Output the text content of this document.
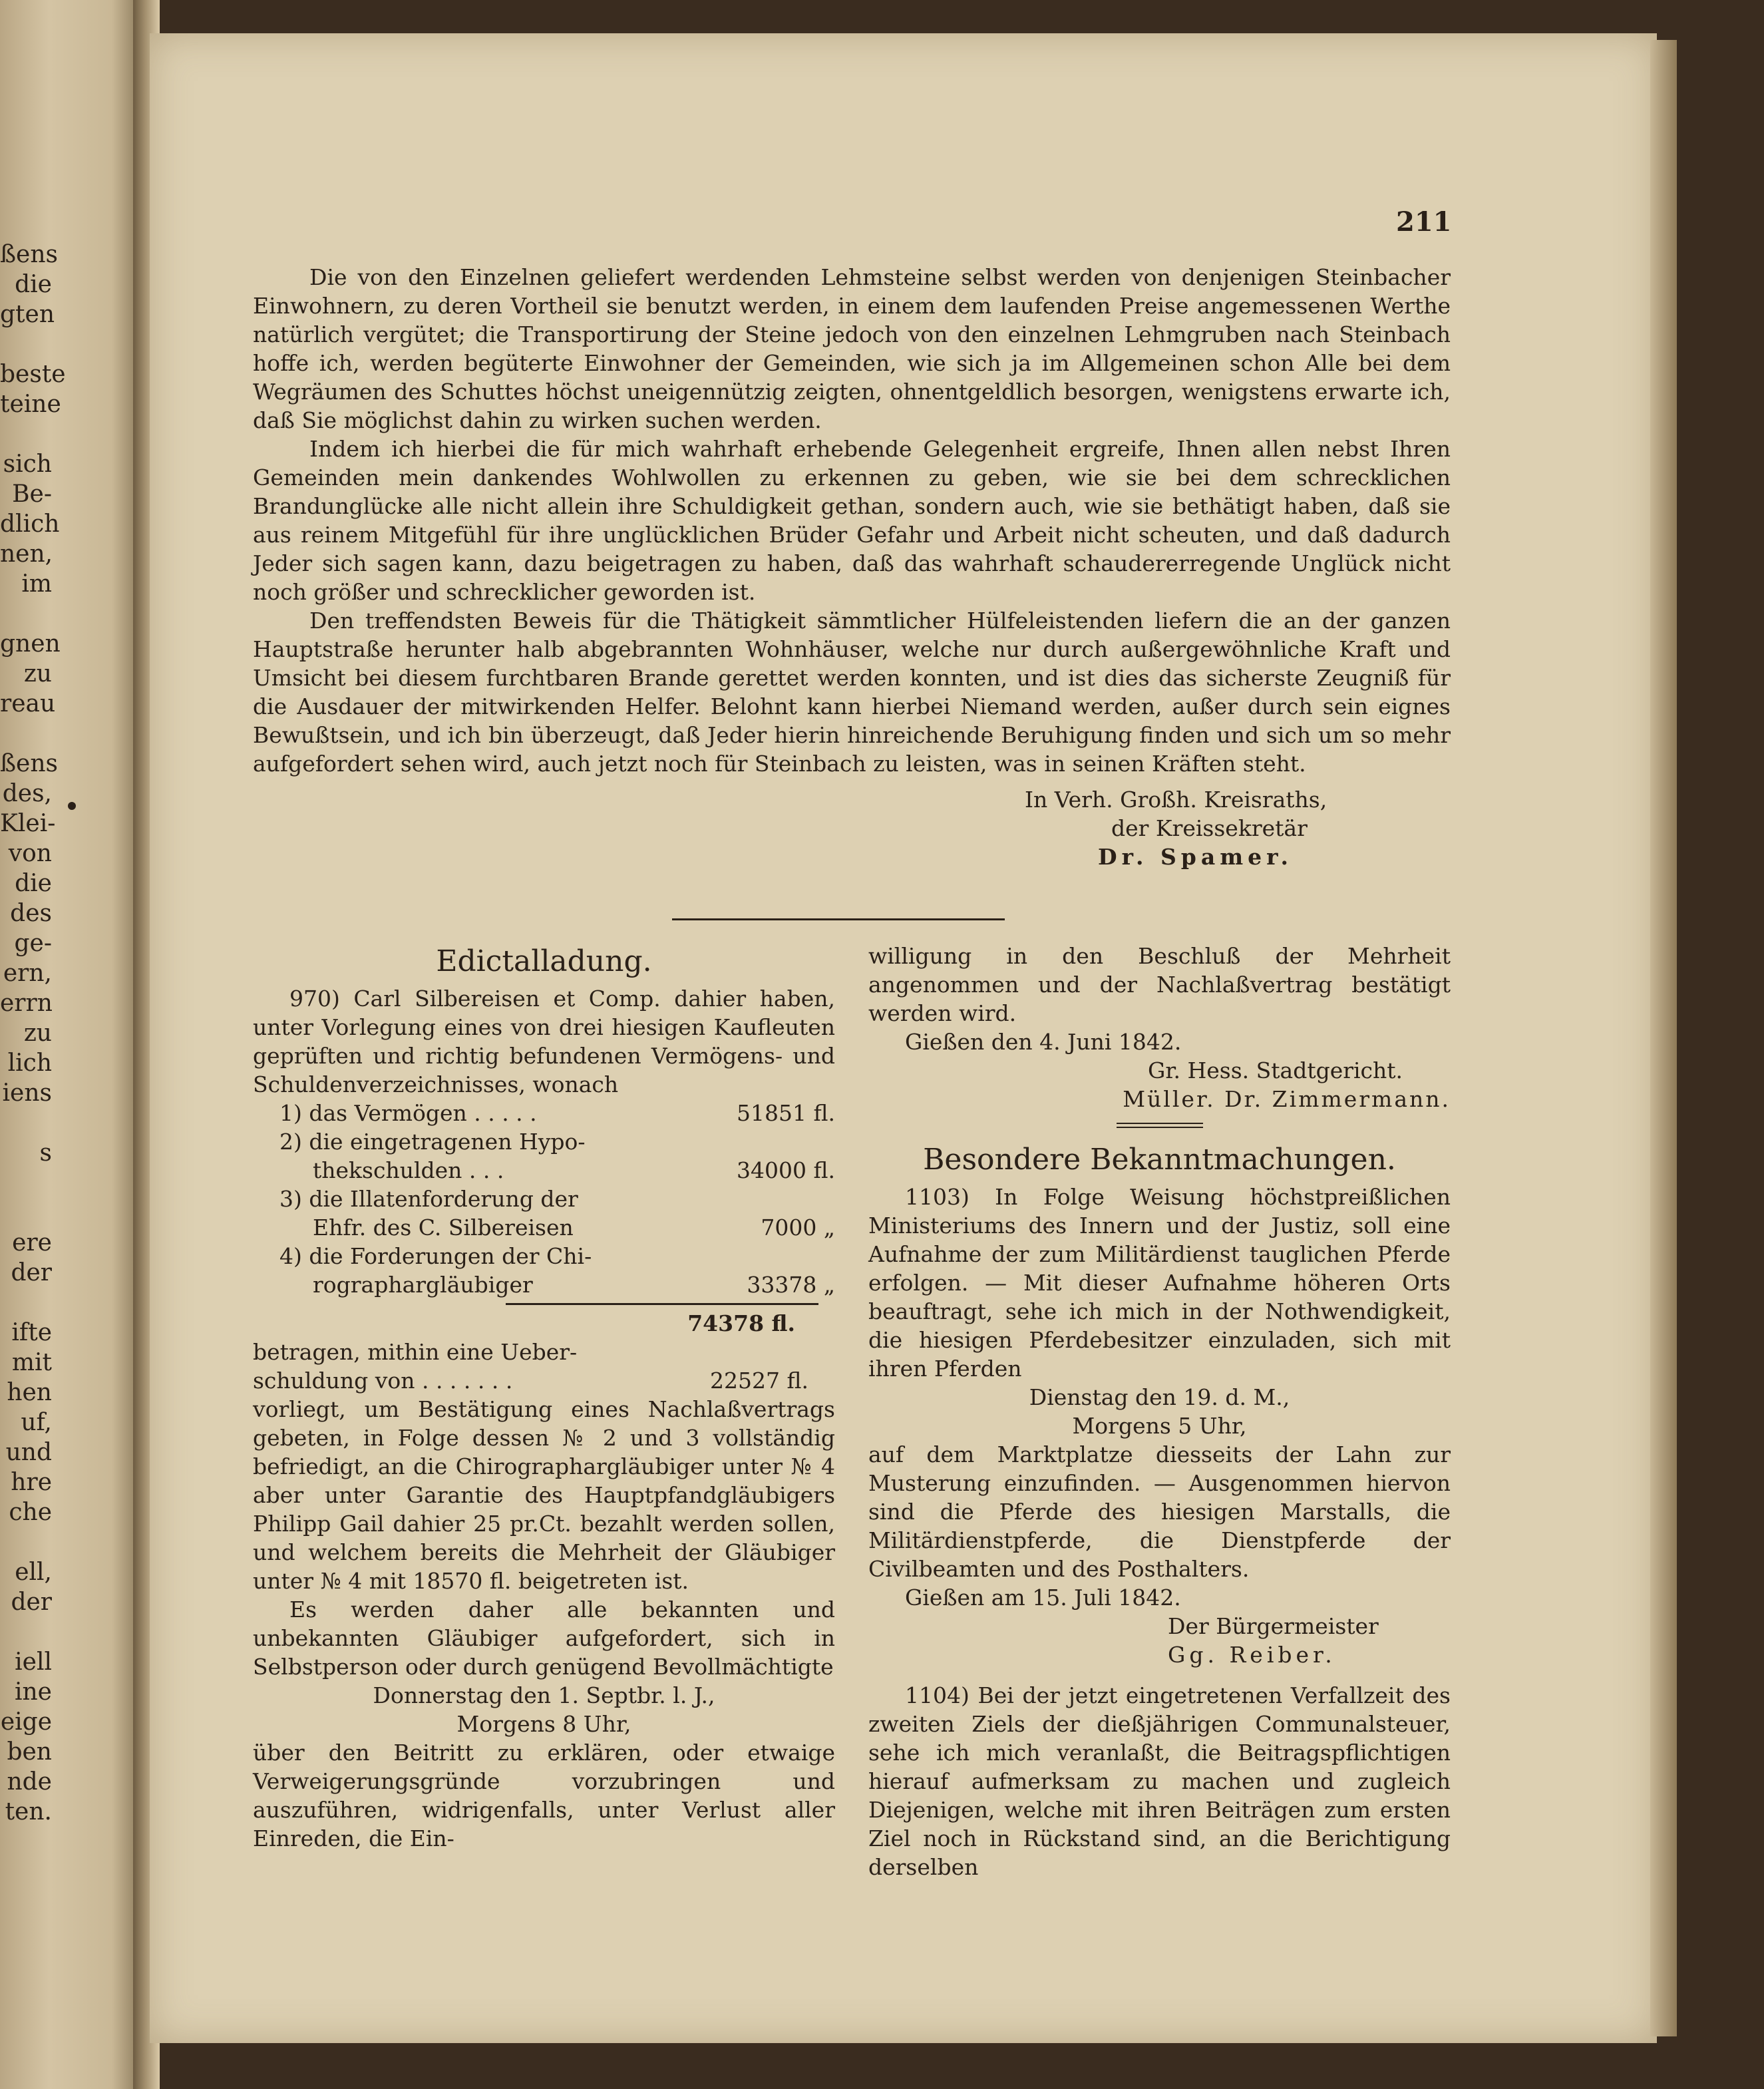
ßens
die
gten

beste
teine

sich
Be-
dlich
nen,
im

gnen
zu
reau

ßens
des,
Klei-
von
die
des
ge-
ern,
errn
zu
lich
iens

s

ere
der

ifte
mit
hen
uf,
und
hre
che

ell,
der

iell
ine
eige
ben
nde
ten.
211

Die von den Einzelnen geliefert werdenden Lehmsteine selbst werden von denjenigen Steinbacher Einwohnern, zu deren Vortheil sie benutzt werden, in einem dem laufenden Preise angemessenen Werthe natürlich vergütet; die Transportirung der Steine jedoch von den einzelnen Lehmgruben nach Steinbach hoffe ich, werden begüterte Einwohner der Gemeinden, wie sich ja im Allgemeinen schon Alle bei dem Wegräumen des Schuttes höchst uneigennützig zeigten, ohnentgeldlich besorgen, wenigstens erwarte ich, daß Sie möglichst dahin zu wirken suchen werden.

Indem ich hierbei die für mich wahrhaft erhebende Gelegenheit ergreife, Ihnen allen nebst Ihren Gemeinden mein dankendes Wohlwollen zu erkennen zu geben, wie sie bei dem schrecklichen Brandunglücke alle nicht allein ihre Schuldigkeit gethan, sondern auch, wie sie bethätigt haben, daß sie aus reinem Mitgefühl für ihre unglücklichen Brüder Gefahr und Arbeit nicht scheuten, und daß dadurch Jeder sich sagen kann, dazu beigetragen zu haben, daß das wahrhaft schaudererregende Unglück nicht noch größer und schrecklicher geworden ist.

Den treffendsten Beweis für die Thätigkeit sämmtlicher Hülfeleistenden liefern die an der ganzen Hauptstraße herunter halb abgebrannten Wohnhäuser, welche nur durch außergewöhnliche Kraft und Umsicht bei diesem furchtbaren Brande gerettet werden konnten, und ist dies das sicherste Zeugniß für die Ausdauer der mitwirkenden Helfer. Belohnt kann hierbei Niemand werden, außer durch sein eignes Bewußtsein, und ich bin überzeugt, daß Jeder hierin hinreichende Beruhigung finden und sich um so mehr aufgefordert sehen wird, auch jetzt noch für Steinbach zu leisten, was in seinen Kräften steht.

In Verh. Großh. Kreisraths,
der Kreissekretär
Dr. Spamer.
Edictalladung.

970) Carl Silbereisen et Comp. dahier haben, unter Vorlegung eines von drei hiesigen Kaufleuten geprüften und richtig befundenen Vermögens- und Schuldenverzeichnisses, wonach

1) das Vermögen . . . . .	51851 fl.
2) die eingetragenen Hypo-
thekschulden . . .	34000 fl.
3) die Illatenforderung der
Ehfr. des C. Silbereisen	7000 „
4) die Forderungen der Chi-
rographargläubiger	33378 „
74378 fl.

betragen, mithin eine Ueber-

schuldung von . . . . . . .	22527 fl.

vorliegt, um Bestätigung eines Nachlaßvertrags gebeten, in Folge dessen № 2 und 3 vollständig befriedigt, an die Chirographargläubiger unter № 4 aber unter Garantie des Hauptpfandgläubigers Philipp Gail dahier 25 pr.Ct. bezahlt werden sollen, und welchem bereits die Mehrheit der Gläubiger unter № 4 mit 18570 fl. beigetreten ist.

Es werden daher alle bekannten und unbekannten Gläubiger aufgefordert, sich in Selbstperson oder durch genügend Bevollmächtigte

Donnerstag den 1. Septbr. l. J.,

Morgens 8 Uhr,

über den Beitritt zu erklären, oder etwaige Verweigerungsgründe vorzubringen und auszuführen, widrigenfalls, unter Verlust aller Einreden, die Ein-

willigung in den Beschluß der Mehrheit angenommen und der Nachlaßvertrag bestätigt werden wird.

Gießen den 4. Juni 1842.

Gr. Hess. Stadtgericht.

Müller. Dr. Zimmermann.

Besondere Bekanntmachungen.

1103) In Folge Weisung höchstpreißlichen Ministeriums des Innern und der Justiz, soll eine Aufnahme der zum Militärdienst tauglichen Pferde erfolgen. — Mit dieser Aufnahme höheren Orts beauftragt, sehe ich mich in der Nothwendigkeit, die hiesigen Pferdebesitzer einzuladen, sich mit ihren Pferden

Dienstag den 19. d. M.,

Morgens 5 Uhr,

auf dem Marktplatze diesseits der Lahn zur Musterung einzufinden. — Ausgenommen hiervon sind die Pferde des hiesigen Marstalls, die Militärdienstpferde, die Dienstpferde der Civilbeamten und des Posthalters.

Gießen am 15. Juli 1842.

Der Bürgermeister

Gg. Reiber.

1104) Bei der jetzt eingetretenen Verfallzeit des zweiten Ziels der dießjährigen Communalsteuer, sehe ich mich veranlaßt, die Beitragspflichtigen hierauf aufmerksam zu machen und zugleich Diejenigen, welche mit ihren Beiträgen zum ersten Ziel noch in Rückstand sind, an die Berichtigung derselben
